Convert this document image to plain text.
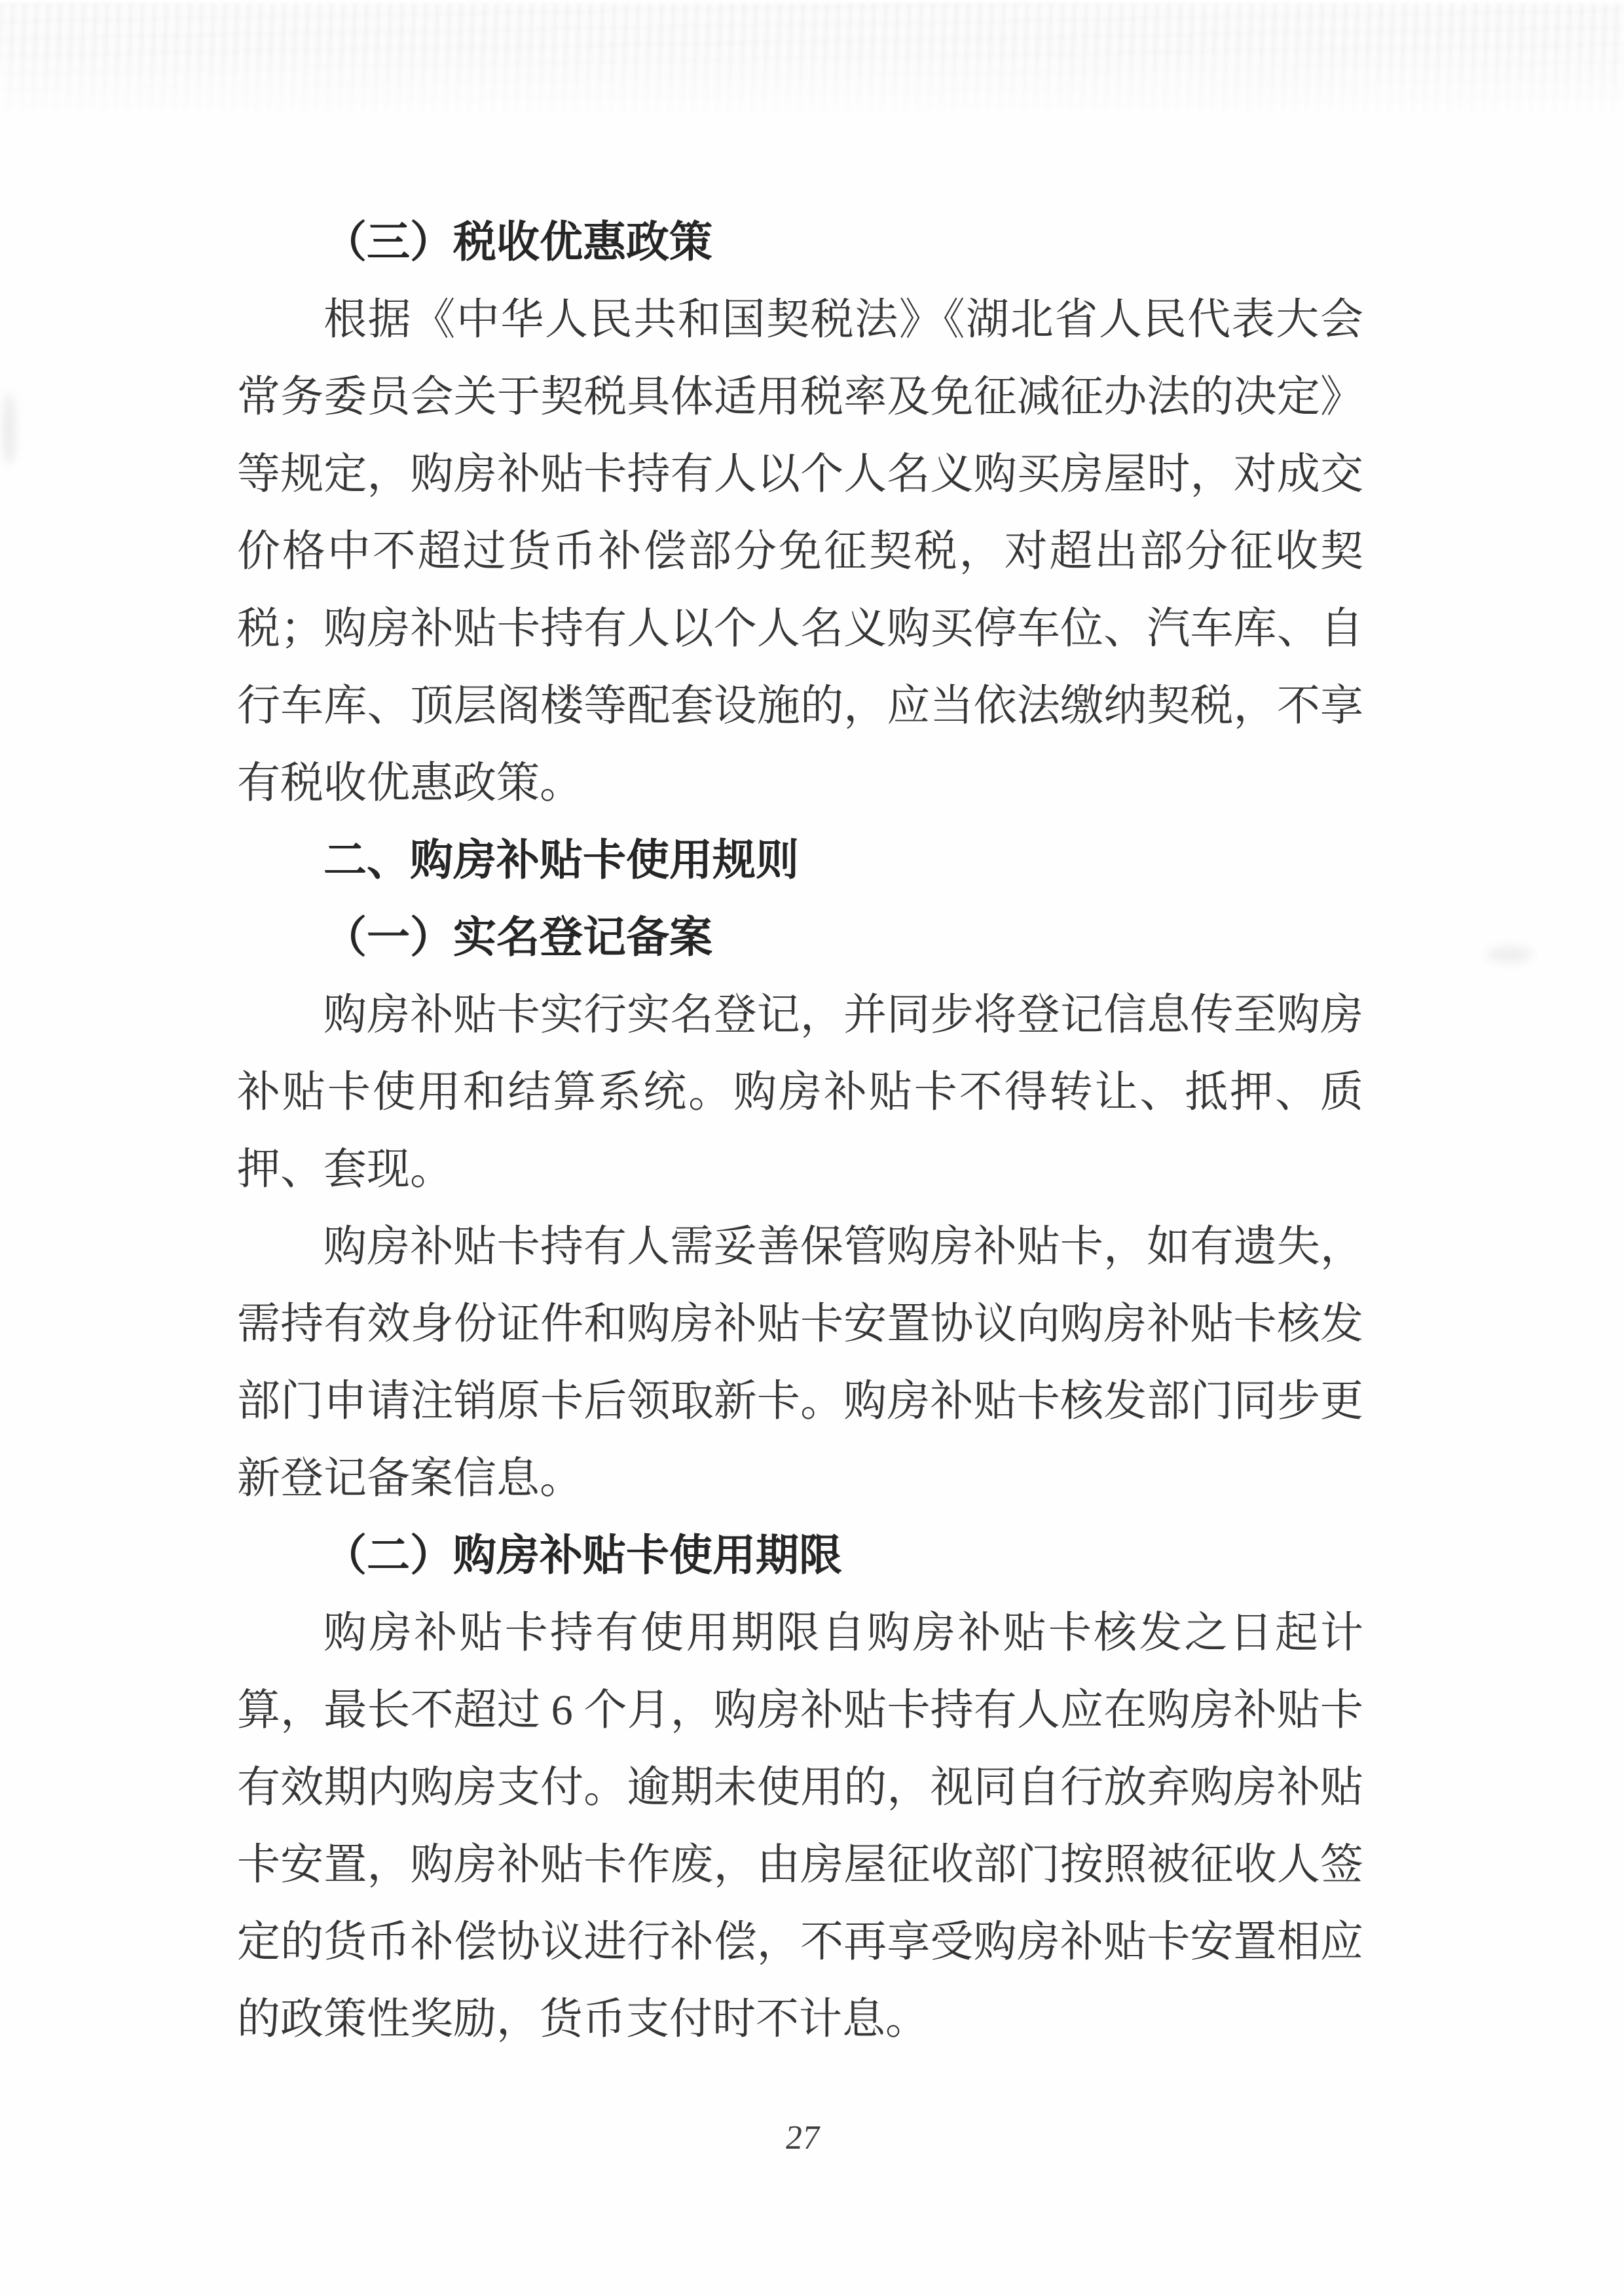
（三）税收优惠政策

根据《中华人民共和国契税法》《湖北省人民代表大会常务委员会关于契税具体适用税率及免征减征办法的决定》等规定，购房补贴卡持有人以个人名义购买房屋时，对成交价格中不超过货币补偿部分免征契税，对超出部分征收契税；购房补贴卡持有人以个人名义购买停车位、汽车库、自行车库、顶层阁楼等配套设施的，应当依法缴纳契税，不享有税收优惠政策。

二、购房补贴卡使用规则

（一）实名登记备案

购房补贴卡实行实名登记，并同步将登记信息传至购房补贴卡使用和结算系统。购房补贴卡不得转让、抵押、质押、套现。

购房补贴卡持有人需妥善保管购房补贴卡，如有遗失，需持有效身份证件和购房补贴卡安置协议向购房补贴卡核发部门申请注销原卡后领取新卡。购房补贴卡核发部门同步更新登记备案信息。

（二）购房补贴卡使用期限

购房补贴卡持有使用期限自购房补贴卡核发之日起计算，最长不超过 6 个月，购房补贴卡持有人应在购房补贴卡有效期内购房支付。逾期未使用的，视同自行放弃购房补贴卡安置，购房补贴卡作废，由房屋征收部门按照被征收人签定的货币补偿协议进行补偿，不再享受购房补贴卡安置相应的政策性奖励，货币支付时不计息。

27
